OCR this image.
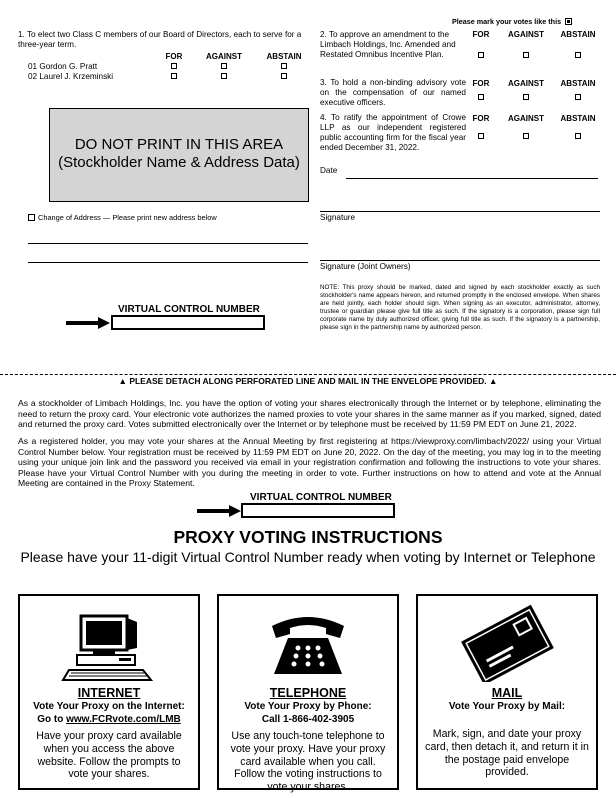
Please mark your votes like this
1. To elect two Class C members of our Board of Directors, each to serve for a three-year term.
FOR	AGAINST	ABSTAIN
01 Gordon G. Pratt
02 Laurel J. Krzeminski
2. To approve an amendment to the Limbach Holdings, Inc. Amended and Restated Omnibus Incentive Plan.
FOR	AGAINST	ABSTAIN
3. To hold a non-binding advisory vote on the compensation of our named executive officers.
FOR	AGAINST	ABSTAIN
4. To ratify the appointment of Crowe LLP as our independent registered public accounting firm for the fiscal year ended December 31, 2022.
FOR	AGAINST	ABSTAIN
DO NOT PRINT IN THIS AREA
(Stockholder Name & Address Data)	Date
Signature
Signature (Joint Owners)
NOTE: This proxy should be marked, dated and signed by each stockholder exactly as such stockholder's name appears hereon, and returned promptly in the enclosed envelope. When shares are held jointly, each holder should sign. When signing as an executor, administrator, attorney, trustee or guardian please give full title as such. If the signatory is a corporation, please sign full corporate name by duly authorized officer, giving full title as such. If the signatory is a partnership, please sign in the partnership name by authorized person.
Change of Address — Please print new address below
VIRTUAL CONTROL NUMBER
▲ PLEASE DETACH ALONG PERFORATED LINE AND MAIL IN THE ENVELOPE PROVIDED. ▲
As a stockholder of Limbach Holdings, Inc. you have the option of voting your shares electronically through the Internet or by telephone, eliminating the need to return the proxy card. Your electronic vote authorizes the named proxies to vote your shares in the same manner as if you marked, signed, dated and returned the proxy card. Votes submitted electronically over the Internet or by telephone must be received by 11:59 PM EDT on June 21, 2022.
As a registered holder, you may vote your shares at the Annual Meeting by first registering at https://viewproxy.com/limbach/2022/ using your Virtual Control Number below. Your registration must be received by 11:59 PM EDT on June 20, 2022. On the day of the meeting, you may log in to the meeting using your unique join link and the password you received via email in your registration confirmation and following the instructions to vote your shares. Please have your Virtual Control Number with you during the meeting in order to vote. Further instructions on how to attend and vote at the Annual Meeting are contained in the Proxy Statement.
VIRTUAL CONTROL NUMBER
PROXY VOTING INSTRUCTIONS
Please have your 11-digit Virtual Control Number ready when voting by Internet or Telephone
INTERNET
Vote Your Proxy on the Internet:
Go to www.FCRvote.com/LMB
Have your proxy card available when you access the above website. Follow the prompts to vote your shares.
TELEPHONE
Vote Your Proxy by Phone:
Call 1-866-402-3905
Use any touch-tone telephone to vote your proxy. Have your proxy card available when you call. Follow the voting instructions to vote your shares.
MAIL
Vote Your Proxy by Mail:
Mark, sign, and date your proxy card, then detach it, and return it in the postage paid envelope provided.
